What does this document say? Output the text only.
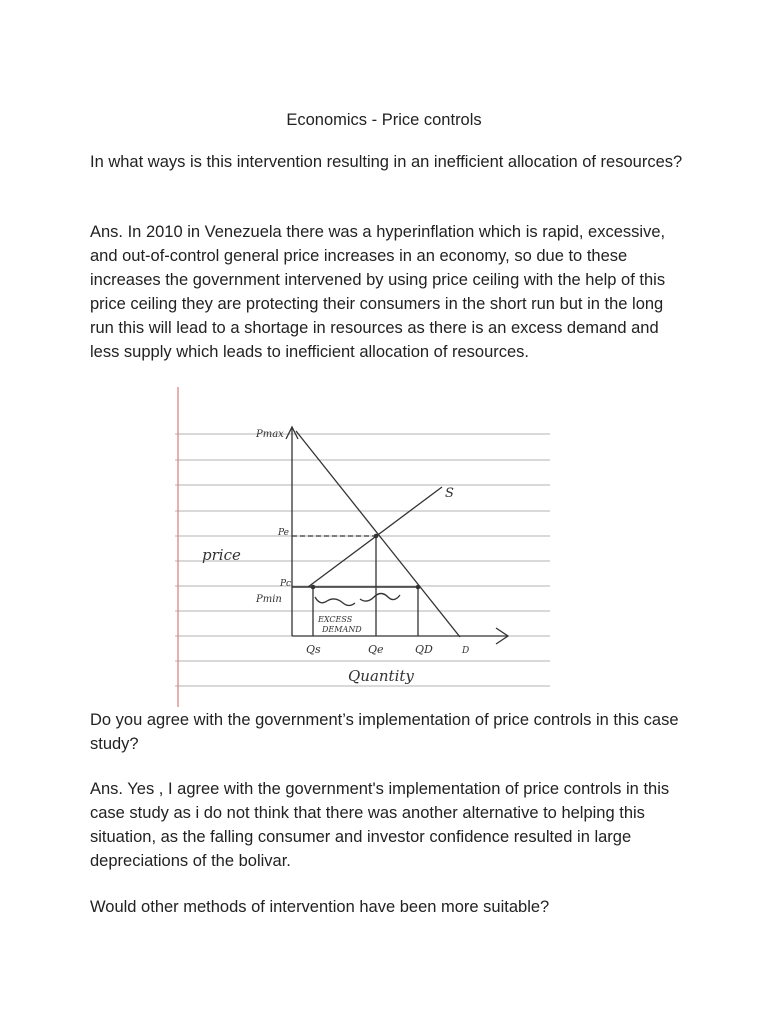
Economics - Price controls

In what ways is this intervention resulting in an inefficient allocation of resources?

Ans. In 2010 in Venezuela there was a hyperinflation which is rapid, excessive, and out-of-control general price increases in an economy, so due to these increases the government intervened by using price ceiling with the help of this price ceiling they are protecting their consumers in the short run but in the long run this will lead to a shortage in resources as there is an excess demand and less supply which leads to inefficient allocation of resources.

Pmax
Pe
Pc
Pmin
S
D
price
Quantity
Qs	Qe	QD
EXCESS
DEMAND

Do you agree with the government’s implementation of price controls in this case study?

Ans. Yes , I agree with the government's implementation of price controls in this case study as i do not think that there was another alternative to helping this situation, as the falling consumer and investor confidence resulted in large depreciations of the bolivar.

Would other methods of intervention have been more suitable?
